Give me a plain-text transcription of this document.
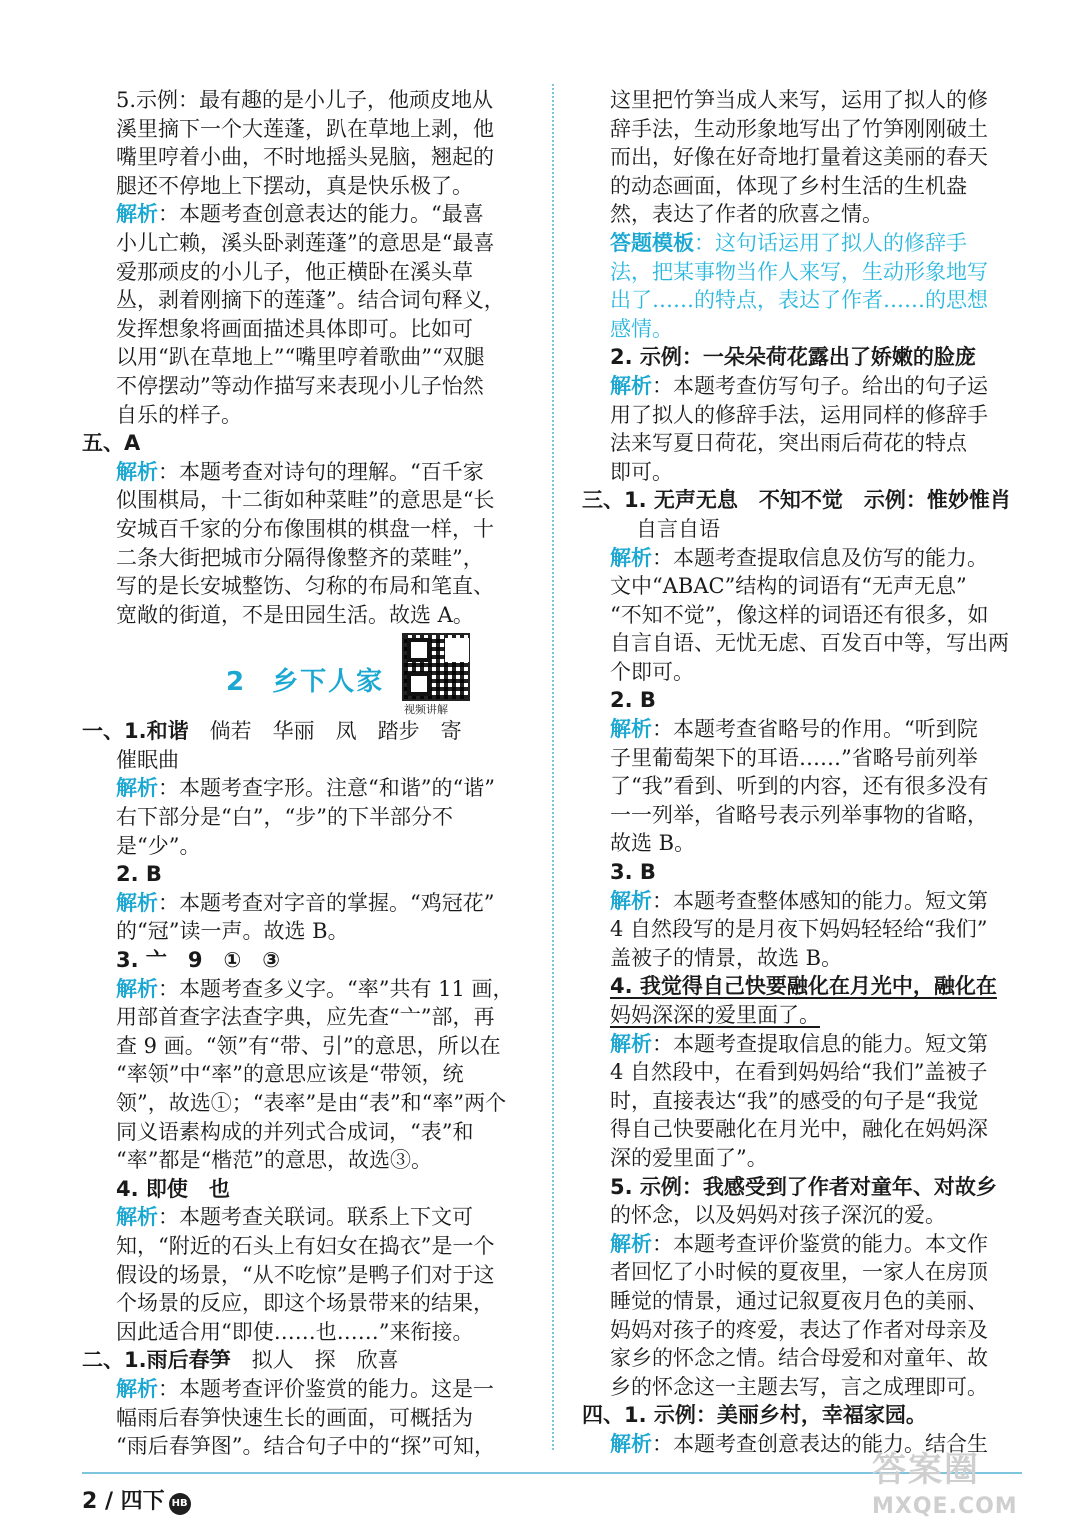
5.示例：最有趣的是小儿子，他顽皮地从
溪里摘下一个大莲蓬，趴在草地上剥，他
嘴里哼着小曲，不时地摇头晃脑，翘起的
腿还不停地上下摆动，真是快乐极了。
解析：本题考查创意表达的能力。“最喜
小儿亡赖，溪头卧剥莲蓬”的意思是“最喜
爱那顽皮的小儿子，他正横卧在溪头草
丛，剥着刚摘下的莲蓬”。结合词句释义，
发挥想象将画面描述具体即可。比如可
以用“趴在草地上”“嘴里哼着歌曲”“双腿
不停摆动”等动作描写来表现小儿子怡然
自乐的样子。
五、A
解析：本题考查对诗句的理解。“百千家
似围棋局，十二街如种菜畦”的意思是“长
安城百千家的分布像围棋的棋盘一样，十
二条大街把城市分隔得像整齐的菜畦”，
写的是长安城整饬、匀称的布局和笔直、
宽敞的街道，不是田园生活。故选 A。
2 乡下人家
视频讲解
一、1.和谐　倘若　华丽　凤　踏步　寄
催眠曲
解析：本题考查字形。注意“和谐”的“谐”
右下部分是“白”，“步”的下半部分不
是“少”。
2. B
解析：本题考查对字音的掌握。“鸡冠花”
的“冠”读一声。故选 B。
3. 亠　9　①　③
解析：本题考查多义字。“率”共有 11 画，
用部首查字法查字典，应先查“亠”部，再
查 9 画。“领”有“带、引”的意思，所以在
“率领”中“率”的意思应该是“带领，统
领”，故选①；“表率”是由“表”和“率”两个
同义语素构成的并列式合成词，“表”和
“率”都是“楷范”的意思，故选③。
4. 即使　也
解析：本题考查关联词。联系上下文可
知，“附近的石头上有妇女在捣衣”是一个
假设的场景，“从不吃惊”是鸭子们对于这
个场景的反应，即这个场景带来的结果，
因此适合用“即使……也……”来衔接。
二、1.雨后春笋　拟人　探　欣喜
解析：本题考查评价鉴赏的能力。这是一
幅雨后春笋快速生长的画面，可概括为
“雨后春笋图”。结合句子中的“探”可知，
这里把竹笋当成人来写，运用了拟人的修
辞手法，生动形象地写出了竹笋刚刚破土
而出，好像在好奇地打量着这美丽的春天
的动态画面，体现了乡村生活的生机盎
然，表达了作者的欣喜之情。
答题模板：这句话运用了拟人的修辞手
法，把某事物当作人来写，生动形象地写
出了……的特点，表达了作者……的思想
感情。
2. 示例：一朵朵荷花露出了娇嫩的脸庞
解析：本题考查仿写句子。给出的句子运
用了拟人的修辞手法，运用同样的修辞手
法来写夏日荷花，突出雨后荷花的特点
即可。
三、1. 无声无息　不知不觉　示例：惟妙惟肖
自言自语
解析：本题考查提取信息及仿写的能力。
文中“ABAC”结构的词语有“无声无息”
“不知不觉”，像这样的词语还有很多，如
自言自语、无忧无虑、百发百中等，写出两
个即可。
2. B
解析：本题考查省略号的作用。“听到院
子里葡萄架下的耳语……”省略号前列举
了“我”看到、听到的内容，还有很多没有
一一列举，省略号表示列举事物的省略，
故选 B。
3. B
解析：本题考查整体感知的能力。短文第
4 自然段写的是月夜下妈妈轻轻给“我们”
盖被子的情景，故选 B。
4. 我觉得自己快要融化在月光中，融化在
妈妈深深的爱里面了。
解析：本题考查提取信息的能力。短文第
4 自然段中，在看到妈妈给“我们”盖被子
时，直接表达“我”的感受的句子是“我觉
得自己快要融化在月光中，融化在妈妈深
深的爱里面了”。
5. 示例：我感受到了作者对童年、对故乡
的怀念，以及妈妈对孩子深沉的爱。
解析：本题考查评价鉴赏的能力。本文作
者回忆了小时候的夏夜里，一家人在房顶
睡觉的情景，通过记叙夏夜月色的美丽、
妈妈对孩子的疼爱，表达了作者对母亲及
家乡的怀念之情。结合母爱和对童年、故
乡的怀念这一主题去写，言之成理即可。
四、1. 示例：美丽乡村，幸福家园。
解析：本题考查创意表达的能力。结合生
2 / 四下 HB
答案圈
MXQE.COM
